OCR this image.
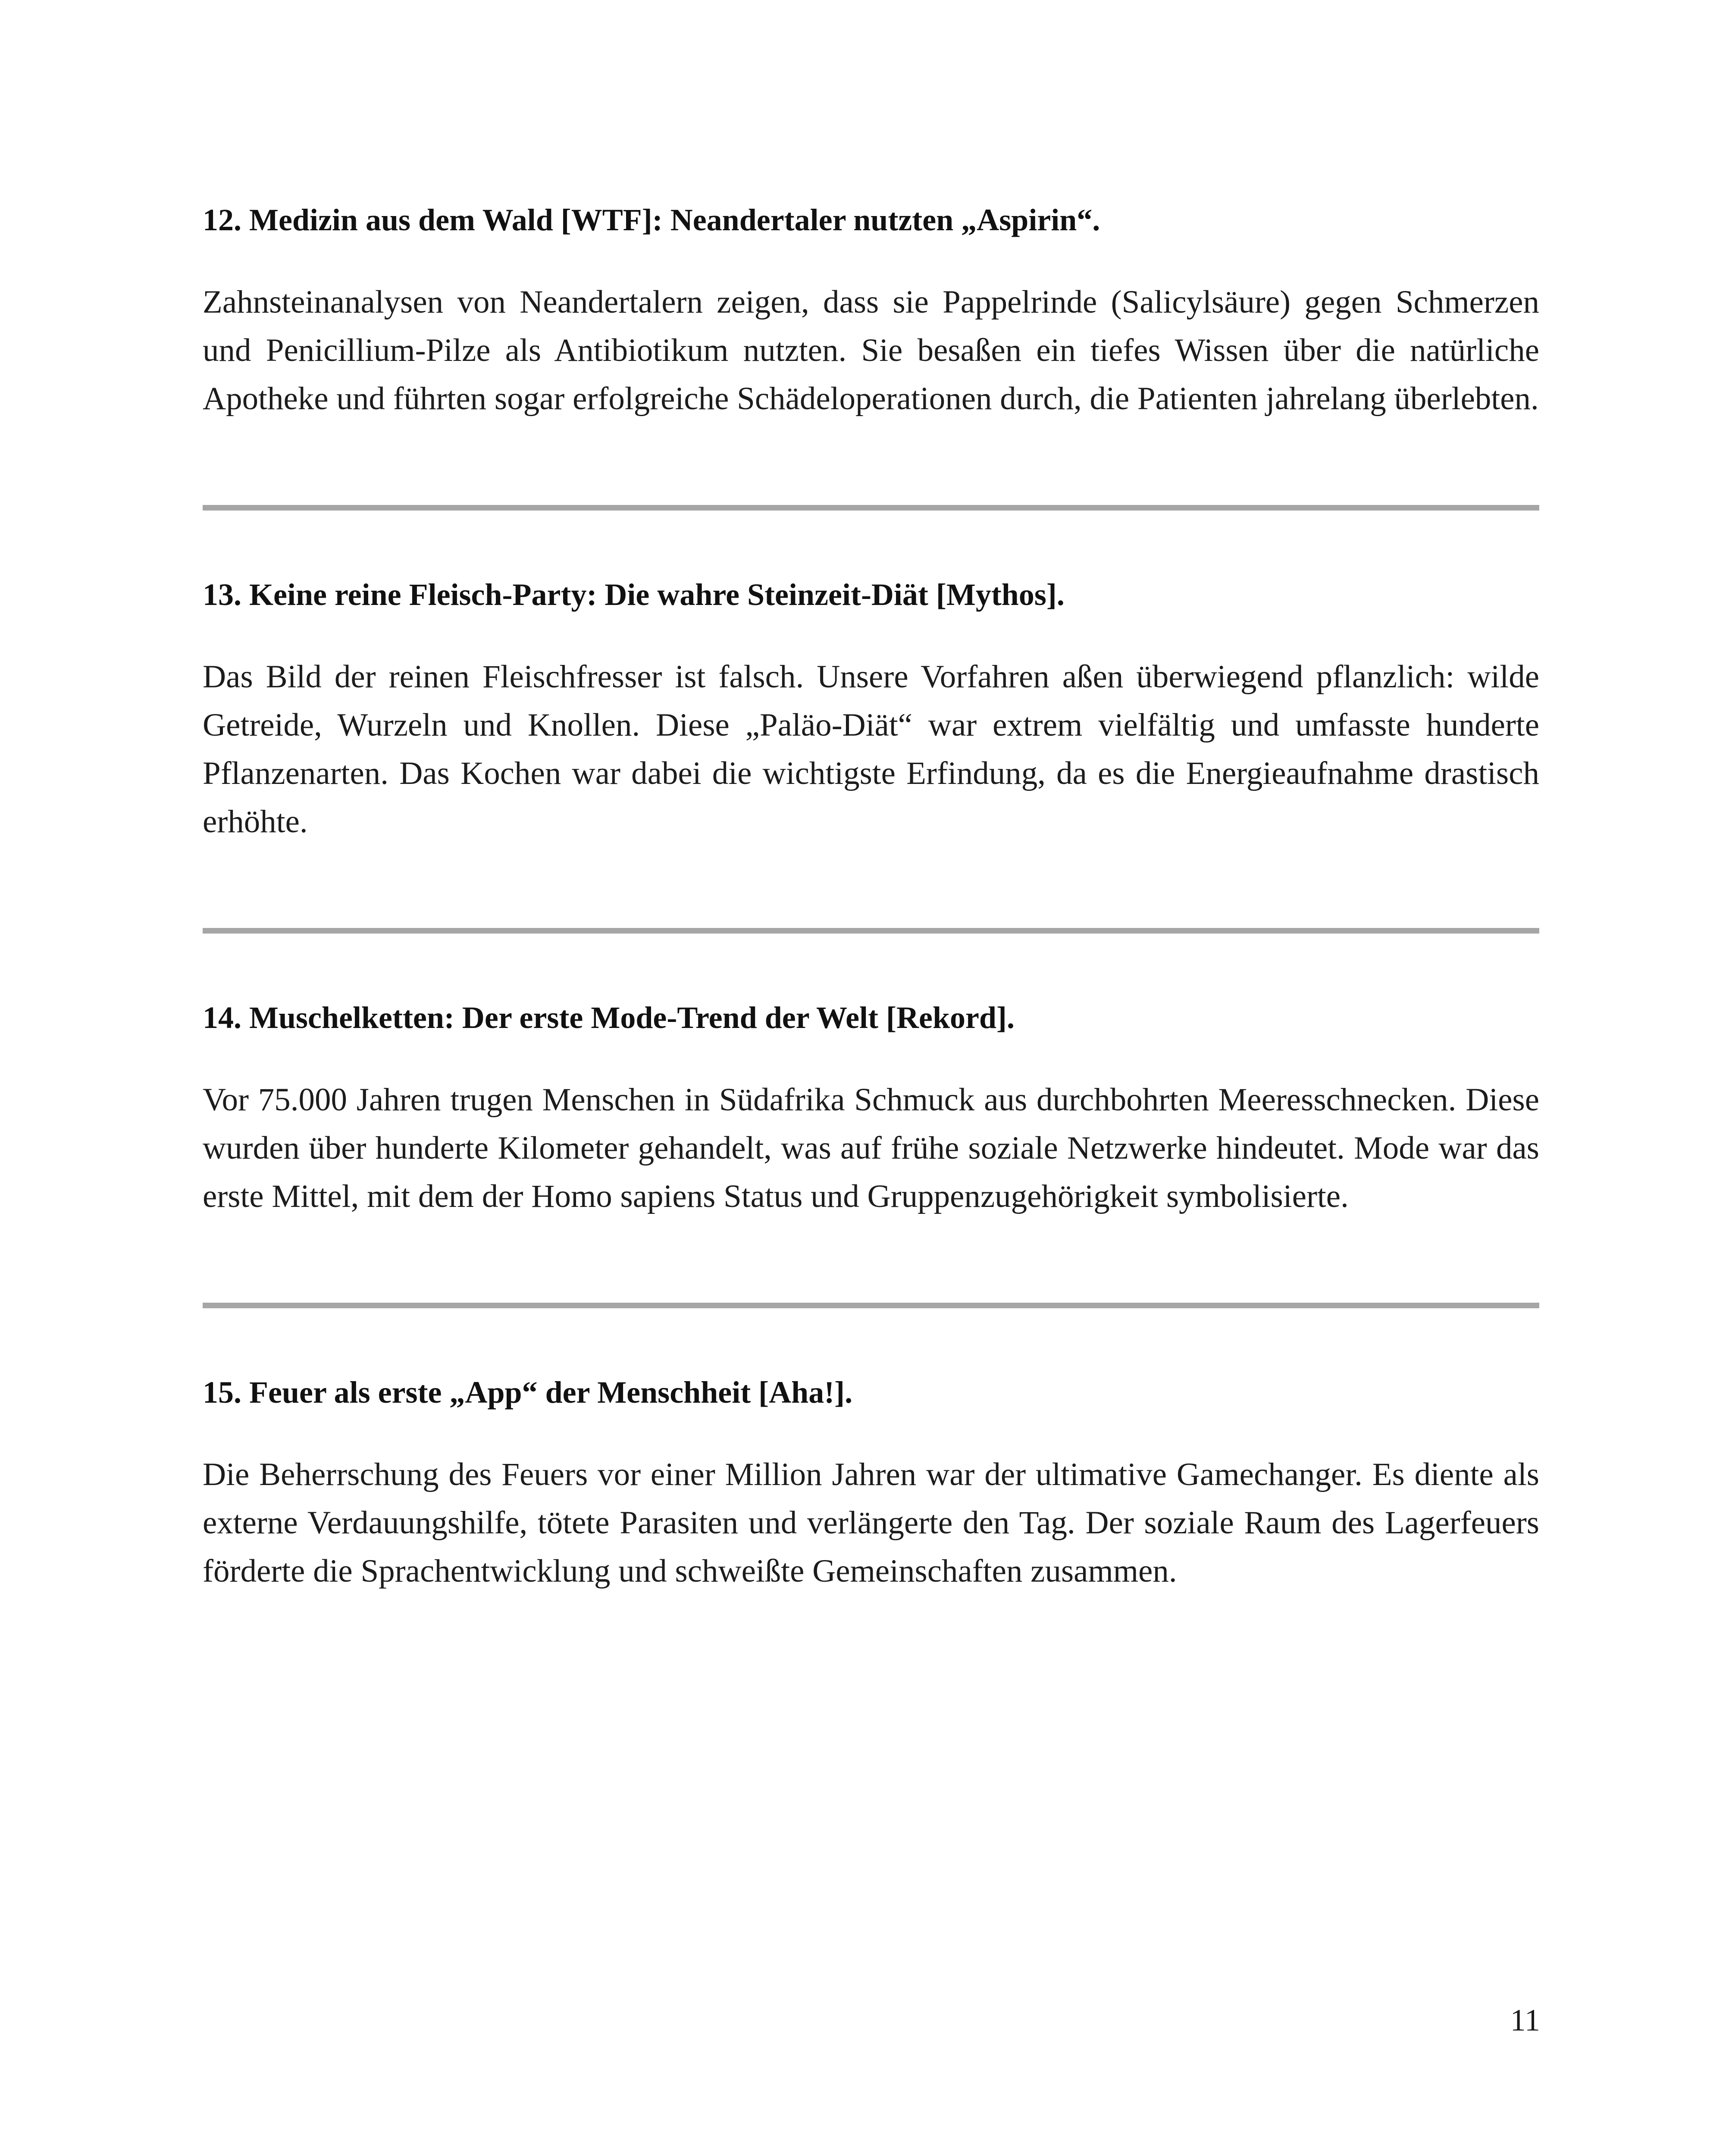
12. Medizin aus dem Wald [WTF]: Neandertaler nutzten „Aspirin“.

Zahnsteinanalysen von Neandertalern zeigen, dass sie Pappelrinde (Salicylsäure) gegen Schmerzen und Penicillium-Pilze als Antibiotikum nutzten. Sie besaßen ein tiefes Wissen über die natürliche Apotheke und führten sogar erfolgreiche Schädeloperationen durch, die Patienten jahrelang überlebten.

13. Keine reine Fleisch-Party: Die wahre Steinzeit-Diät [Mythos].

Das Bild der reinen Fleischfresser ist falsch. Unsere Vorfahren aßen überwiegend pflanzlich: wilde Getreide, Wurzeln und Knollen. Diese „Paläo-Diät“ war extrem vielfältig und umfasste hunderte Pflanzenarten. Das Kochen war dabei die wichtigste Erfindung, da es die Energieaufnahme drastisch erhöhte.

14. Muschelketten: Der erste Mode-Trend der Welt [Rekord].

Vor 75.000 Jahren trugen Menschen in Südafrika Schmuck aus durchbohrten Meeresschnecken. Diese wurden über hunderte Kilometer gehandelt, was auf frühe soziale Netzwerke hindeutet. Mode war das erste Mittel, mit dem der Homo sapiens Status und Gruppenzugehörigkeit symbolisierte.

15. Feuer als erste „App“ der Menschheit [Aha!].

Die Beherrschung des Feuers vor einer Million Jahren war der ultimative Gamechanger. Es diente als externe Verdauungshilfe, tötete Parasiten und verlängerte den Tag. Der soziale Raum des Lagerfeuers förderte die Sprachentwicklung und schweißte Gemeinschaften zusammen.

11
